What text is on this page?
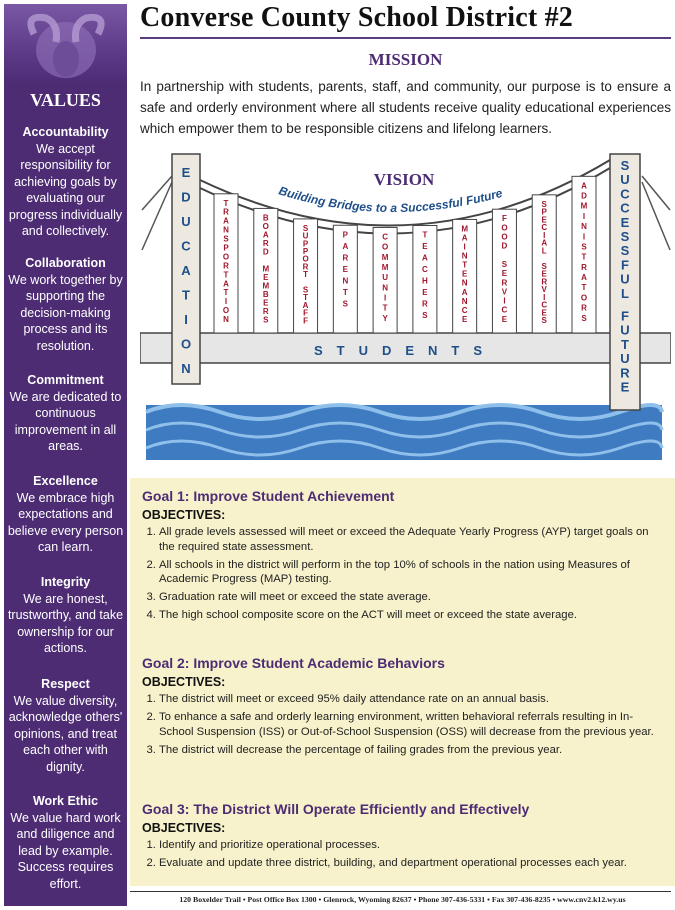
VALUES
Accountability
We accept responsibility for achieving goals by evaluating our progress individually and collectively.
Collaboration
We work together by supporting the decision-making process and its resolution.
Commitment
We are dedicated to continuous improvement in all areas.
Excellence
We embrace high expectations and believe every person can learn.
Integrity
We are honest, trustworthy, and take ownership for our actions.
Respect
We value diversity, acknowledge others' opinions, and treat each other with dignity.
Work Ethic
We value hard work and diligence and lead by example. Success requires effort.
Converse County School District #2
MISSION
In partnership with students, parents, staff, and community, our purpose is to ensure a safe and orderly environment where all students receive quality educational experiences which empower them to be responsible citizens and lifelong learners.
STUDENTS
T
R
A
N
S
P
O
R
T
A
T
I
O
N
B
O
A
R
D
M
E
M
B
E
R
S
S
U
P
P
O
R
T
S
T
A
F
F
P
A
R
E
N
T
S
C
O
M
M
U
N
I
T
Y
T
E
A
C
H
E
R
S
M
A
I
N
T
E
N
A
N
C
E
F
O
O
D
S
E
R
V
I
C
E
S
P
E
C
I
A
L
S
E
R
V
I
C
E
S
A
D
M
I
N
I
S
T
R
A
T
O
R
S
E
D
U
C
A
T
I
O
N
S
U
C
C
E
S
S
F
U
L
F
U
T
U
R
E
VISION
Building Bridges to a Successful Future
Goal 1: Improve Student Achievement
OBJECTIVES:
1. All grade levels assessed will meet or exceed the Adequate Yearly Progress (AYP) target goals on the required state assessment.
2. All schools in the district will perform in the top 10% of schools in the nation using Measures of Academic Progress (MAP) testing.
3. Graduation rate will meet or exceed the state average.
4. The high school composite score on the ACT will meet or exceed the state average.
Goal 2: Improve Student Academic Behaviors
OBJECTIVES:
1. The district will meet or exceed 95% daily attendance rate on an annual basis.
2. To enhance a safe and orderly learning environment, written behavioral referrals resulting in In-School Suspension (ISS) or Out-of-School Suspension (OSS) will decrease from the previous year.
3. The district will decrease the percentage of failing grades from the previous year.
Goal 3: The District Will Operate Efficiently and Effectively
OBJECTIVES:
1. Identify and prioritize operational processes.
2. Evaluate and update three district, building, and department operational processes each year.
120 Boxelder Trail • Post Office Box 1300 • Glenrock, Wyoming 82637 • Phone 307-436-5331 • Fax 307-436-8235 • www.cnv2.k12.wy.us
